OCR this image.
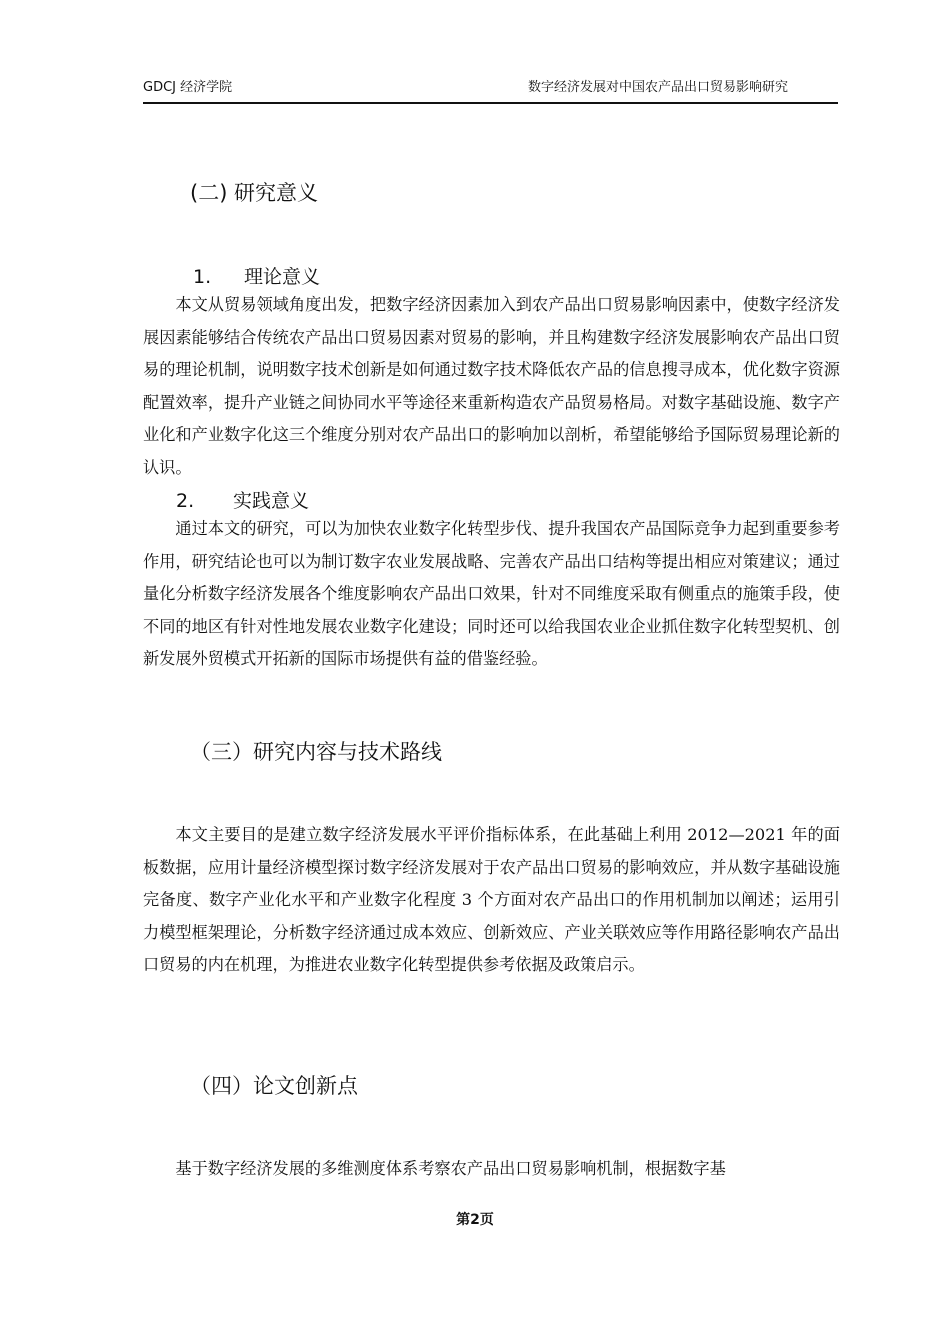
GDCJ 经济学院	数字经济发展对中国农产品出口贸易影响研究
(二) 研究意义
1. 理论意义

本文从贸易领域角度出发，把数字经济因素加入到农产品出口贸易影响因素中，使数字经济发展因素能够结合传统农产品出口贸易因素对贸易的影响，并且构建数字经济发展影响农产品出口贸易的理论机制，说明数字技术创新是如何通过数字技术降低农产品的信息搜寻成本，优化数字资源配置效率，提升产业链之间协同水平等途径来重新构造农产品贸易格局。对数字基础设施、数字产业化和产业数字化这三个维度分别对农产品出口的影响加以剖析，希望能够给予国际贸易理论新的认识。

2. 实践意义

通过本文的研究，可以为加快农业数字化转型步伐、提升我国农产品国际竞争力起到重要参考作用，研究结论也可以为制订数字农业发展战略、完善农产品出口结构等提出相应对策建议；通过量化分析数字经济发展各个维度影响农产品出口效果，针对不同维度采取有侧重点的施策手段，使不同的地区有针对性地发展农业数字化建设；同时还可以给我国农业企业抓住数字化转型契机、创新发展外贸模式开拓新的国际市场提供有益的借鉴经验。

（三）研究内容与技术路线

本文主要目的是建立数字经济发展水平评价指标体系，在此基础上利用 2012—2021 年的面板数据，应用计量经济模型探讨数字经济发展对于农产品出口贸易的影响效应，并从数字基础设施完备度、数字产业化水平和产业数字化程度 3 个方面对农产品出口的作用机制加以阐述；运用引力模型框架理论，分析数字经济通过成本效应、创新效应、产业关联效应等作用路径影响农产品出口贸易的内在机理，为推进农业数字化转型提供参考依据及政策启示。

（四）论文创新点

基于数字经济发展的多维测度体系考察农产品出口贸易影响机制，根据数字基

第2页
